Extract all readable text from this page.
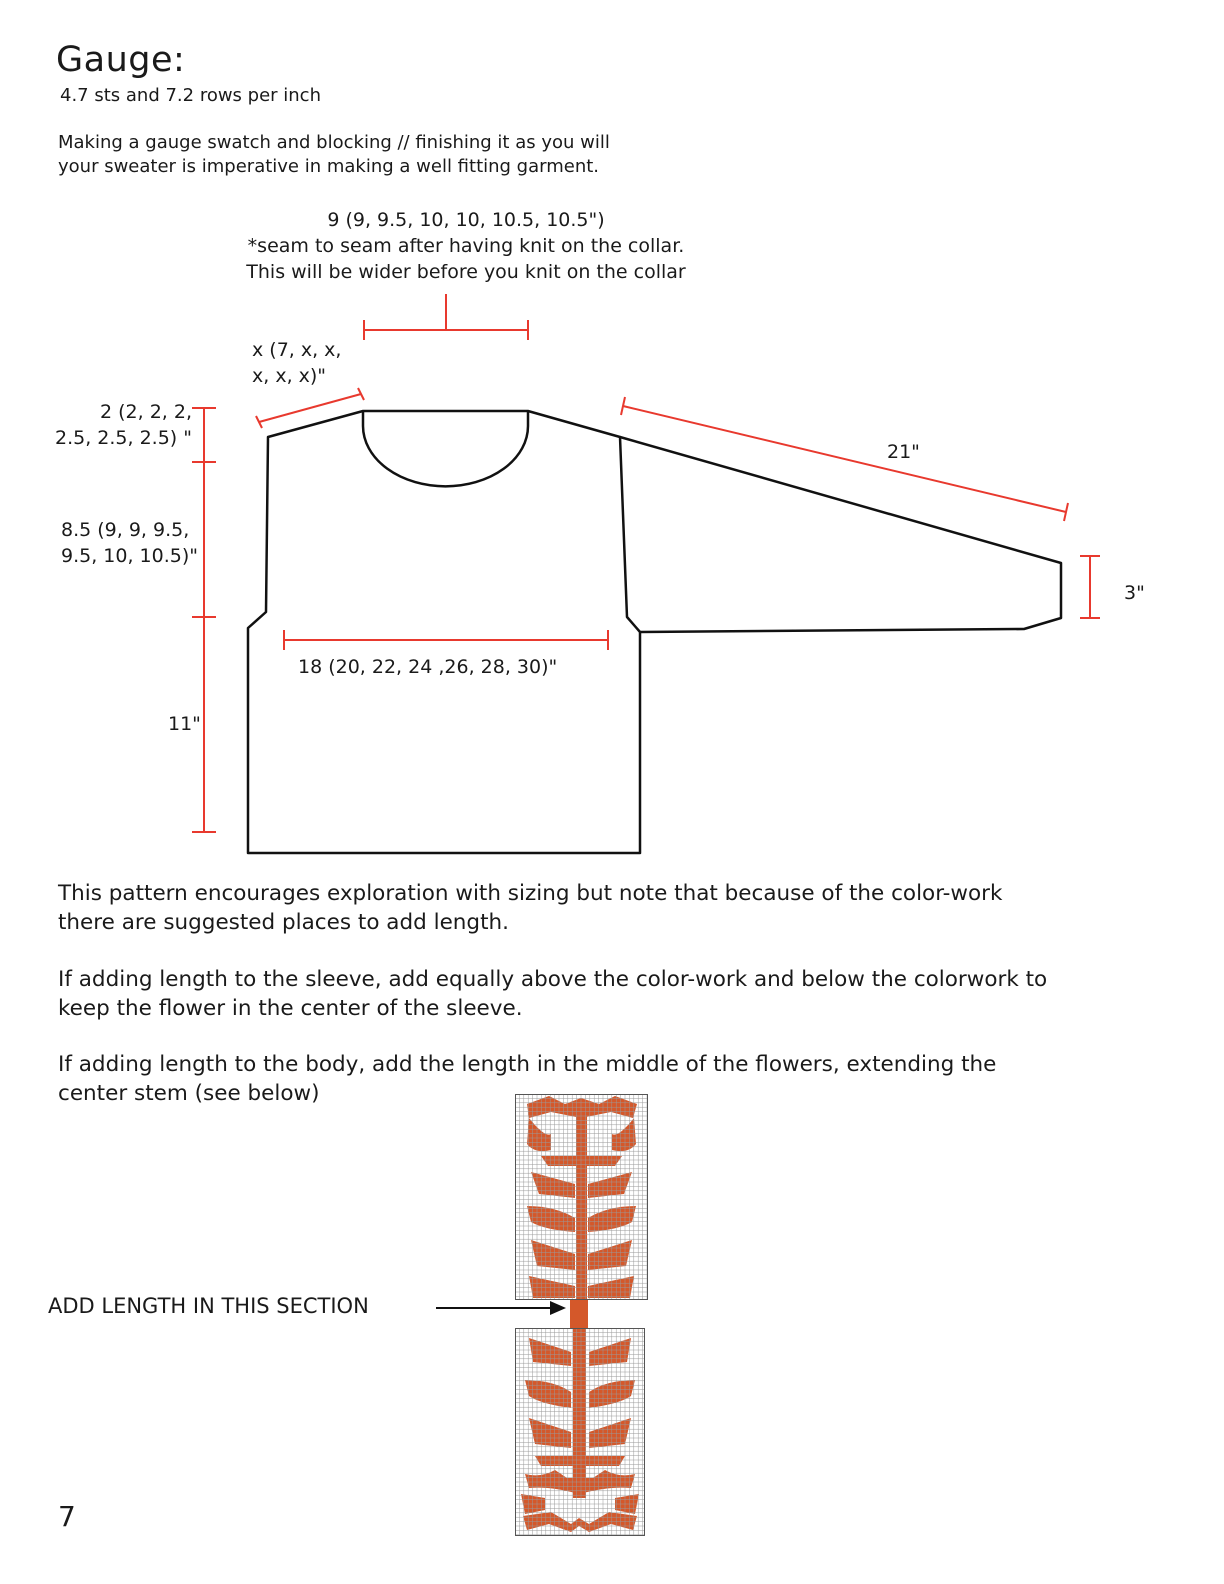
Gauge:
4.7 sts and 7.2 rows per inch
Making a gauge swatch and blocking // finishing it as you will
your sweater is imperative in making a well fitting garment.
9 (9, 9.5, 10, 10, 10.5, 10.5")
*seam to seam after having knit on the collar.
This will be wider before you knit on the collar
x (7, x, x,
x, x, x)"
2 (2, 2, 2,
2.5, 2.5, 2.5) "
8.5 (9, 9, 9.5,
9.5, 10, 10.5)"
11"
18 (20, 22, 24 ,26, 28, 30)"
21"
3"
This pattern encourages exploration with sizing but note that because of the color-work
there are suggested places to add length.
If adding length to the sleeve, add equally above the color-work and below the colorwork to
keep the flower in the center of the sleeve.
If adding length to the body, add the length in the middle of the flowers, extending the
center stem (see below)
ADD LENGTH IN THIS SECTION
7
